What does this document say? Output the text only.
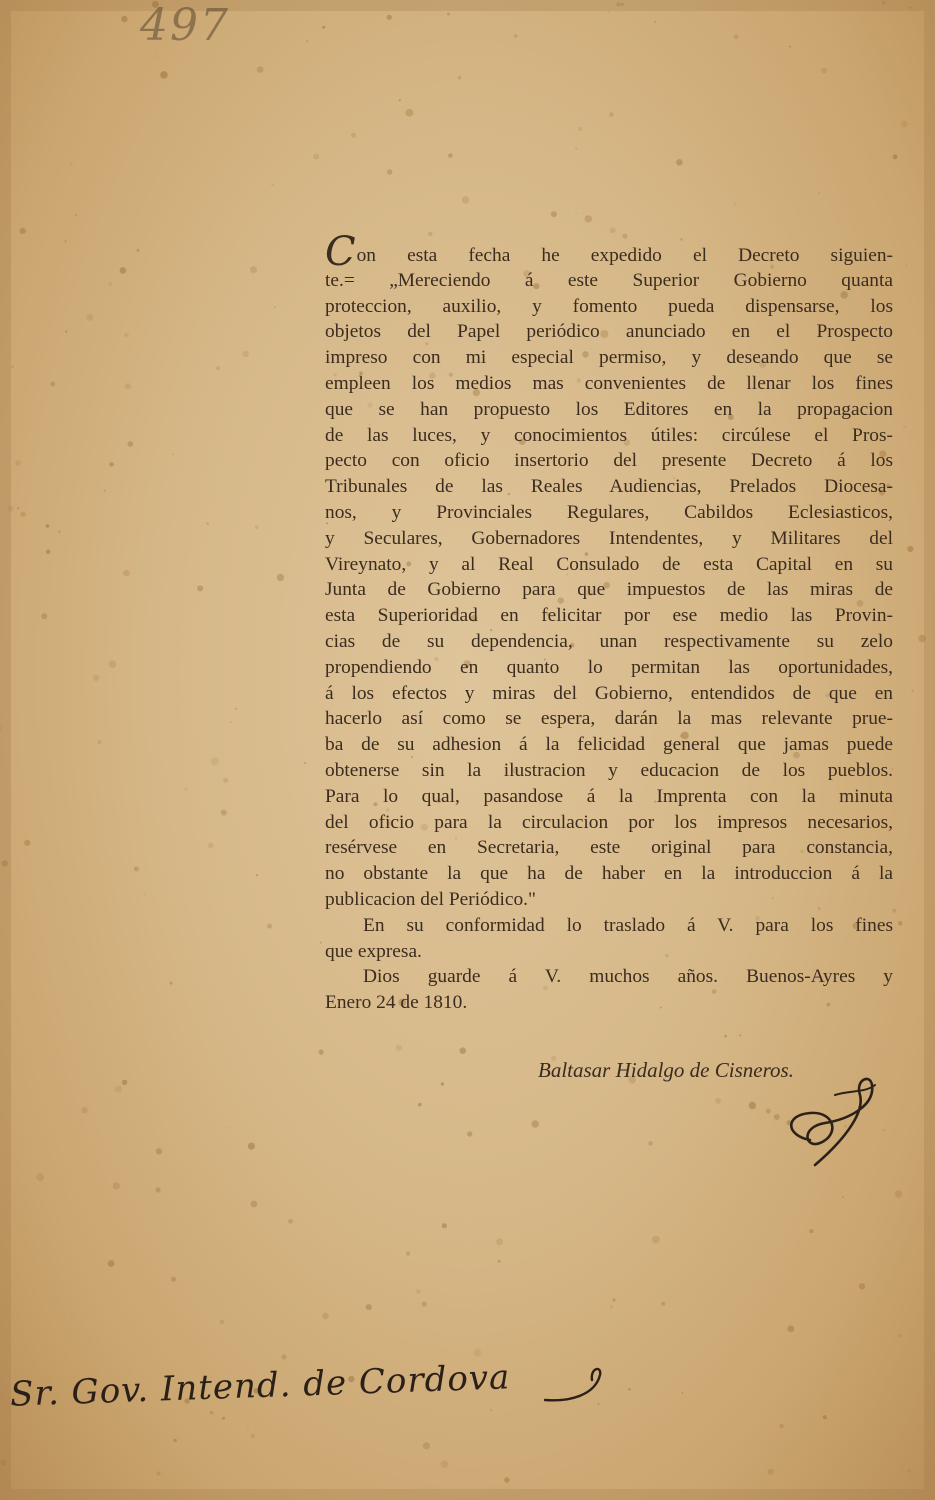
497
Con esta fecha he expedido el Decreto siguien-
te.= „Mereciendo á este Superior Gobierno quanta
proteccion, auxilio, y fomento pueda dispensarse, los
objetos del Papel periódico anunciado en el Prospecto
impreso con mi especial permiso, y deseando que se
empleen los medios mas convenientes de llenar los fines
que se han propuesto los Editores en la propagacion
de las luces, y conocimientos útiles: circúlese el Pros-
pecto con oficio insertorio del presente Decreto á los
Tribunales de las Reales Audiencias, Prelados Diocesa-
nos, y Provinciales Regulares, Cabildos Eclesiasticos,
y Seculares, Gobernadores Intendentes, y Militares del
Vireynato, y al Real Consulado de esta Capital en su
Junta de Gobierno para que impuestos de las miras de
esta Superioridad en felicitar por ese medio las Provin-
cias de su dependencia, unan respectivamente su zelo
propendiendo en quanto lo permitan las oportunidades,
á los efectos y miras del Gobierno, entendidos de que en
hacerlo así como se espera, darán la mas relevante prue-
ba de su adhesion á la felicidad general que jamas puede
obtenerse sin la ilustracion y educacion de los pueblos.
Para lo qual, pasandose á la Imprenta con la minuta
del oficio para la circulacion por los impresos necesarios,
resérvese en Secretaria, este original para constancia,
no obstante la que ha de haber en la introduccion á la
publicacion del Periódico."
En su conformidad lo traslado á V. para los fines
que expresa.
Dios guarde á V. muchos años. Buenos-Ayres y
Enero 24 de 1810.
Baltasar Hidalgo de Cisneros.
Sr. Gov. Intend. de Cordova
